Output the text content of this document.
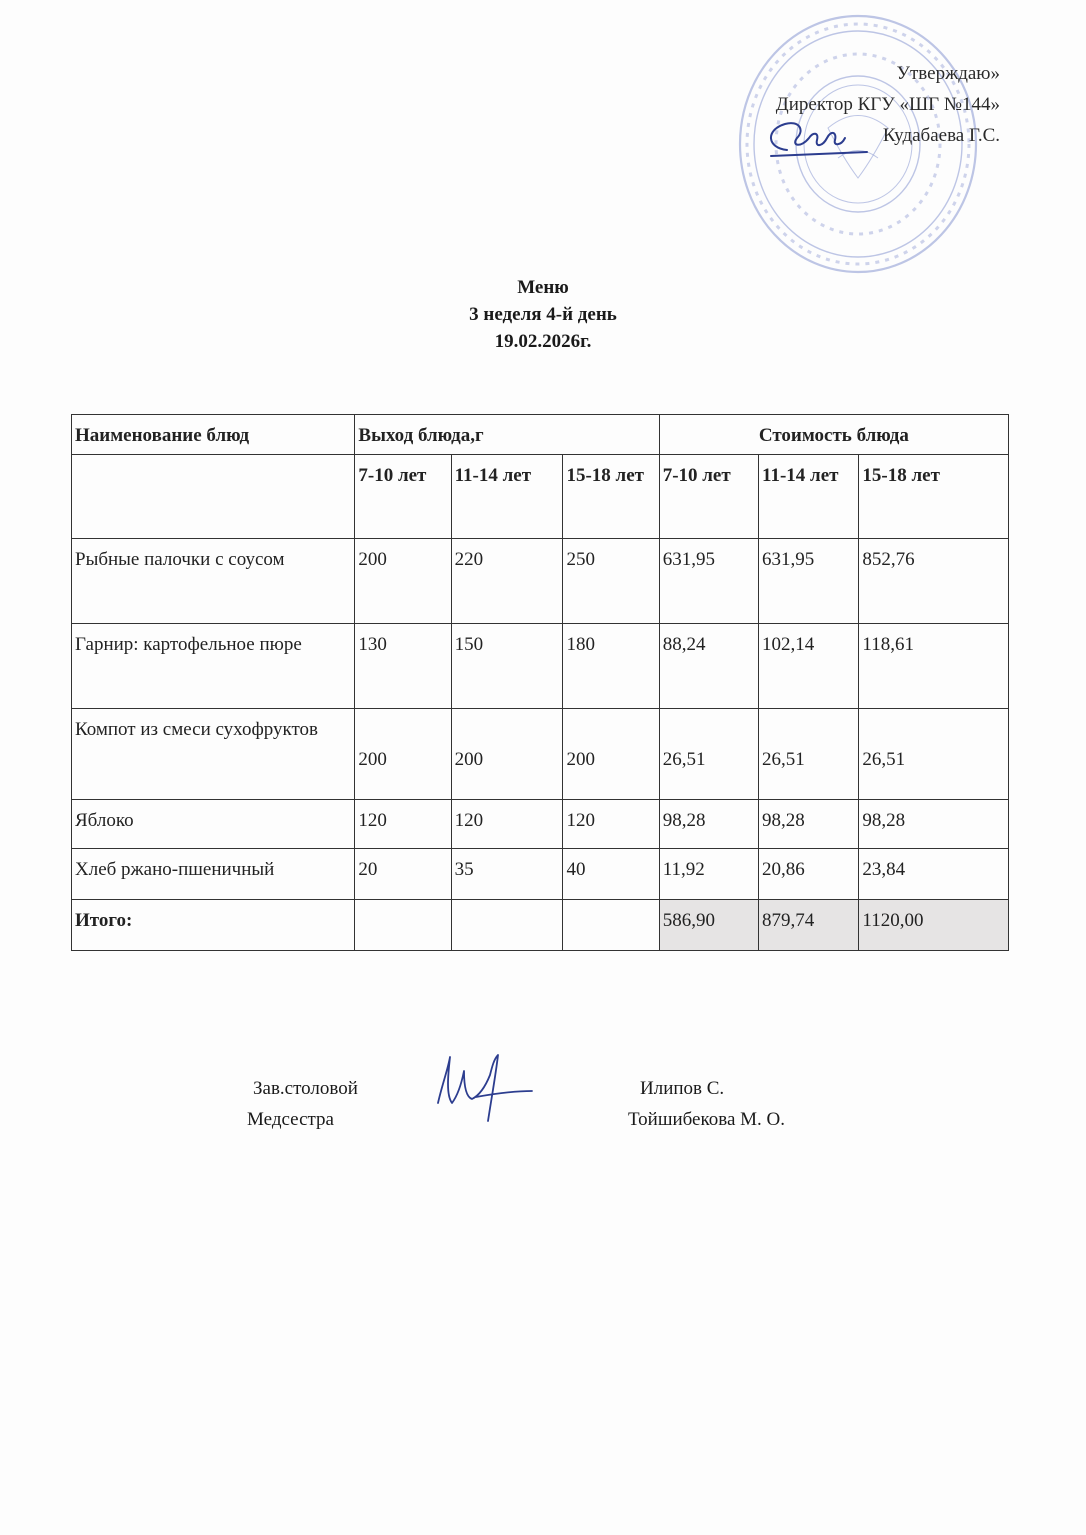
Утверждаю»
Директор КГУ «ШГ №144»
Кудабаева Г.С.
Меню
3 неделя 4-й день
19.02.2026г.
Наименование блюд	Выход блюда,г			Стоимость блюда		
	7-10 лет	11-14 лет	15-18 лет	7-10 лет	11-14 лет	15-18 лет
Рыбные палочки с соусом	200	220	250	631,95	631,95	852,76
Гарнир: картофельное пюре	130	150	180	88,24	102,14	118,61
Компот из смеси сухофруктов	200	200	200	26,51	26,51	26,51
Яблоко	120	120	120	98,28	98,28	98,28
Хлеб ржано-пшеничный	20	35	40	11,92	20,86	23,84
Итого:				586,90	879,74	1120,00
Зав.столовой
Медсестра
Илипов С.
Тойшибекова М. О.
